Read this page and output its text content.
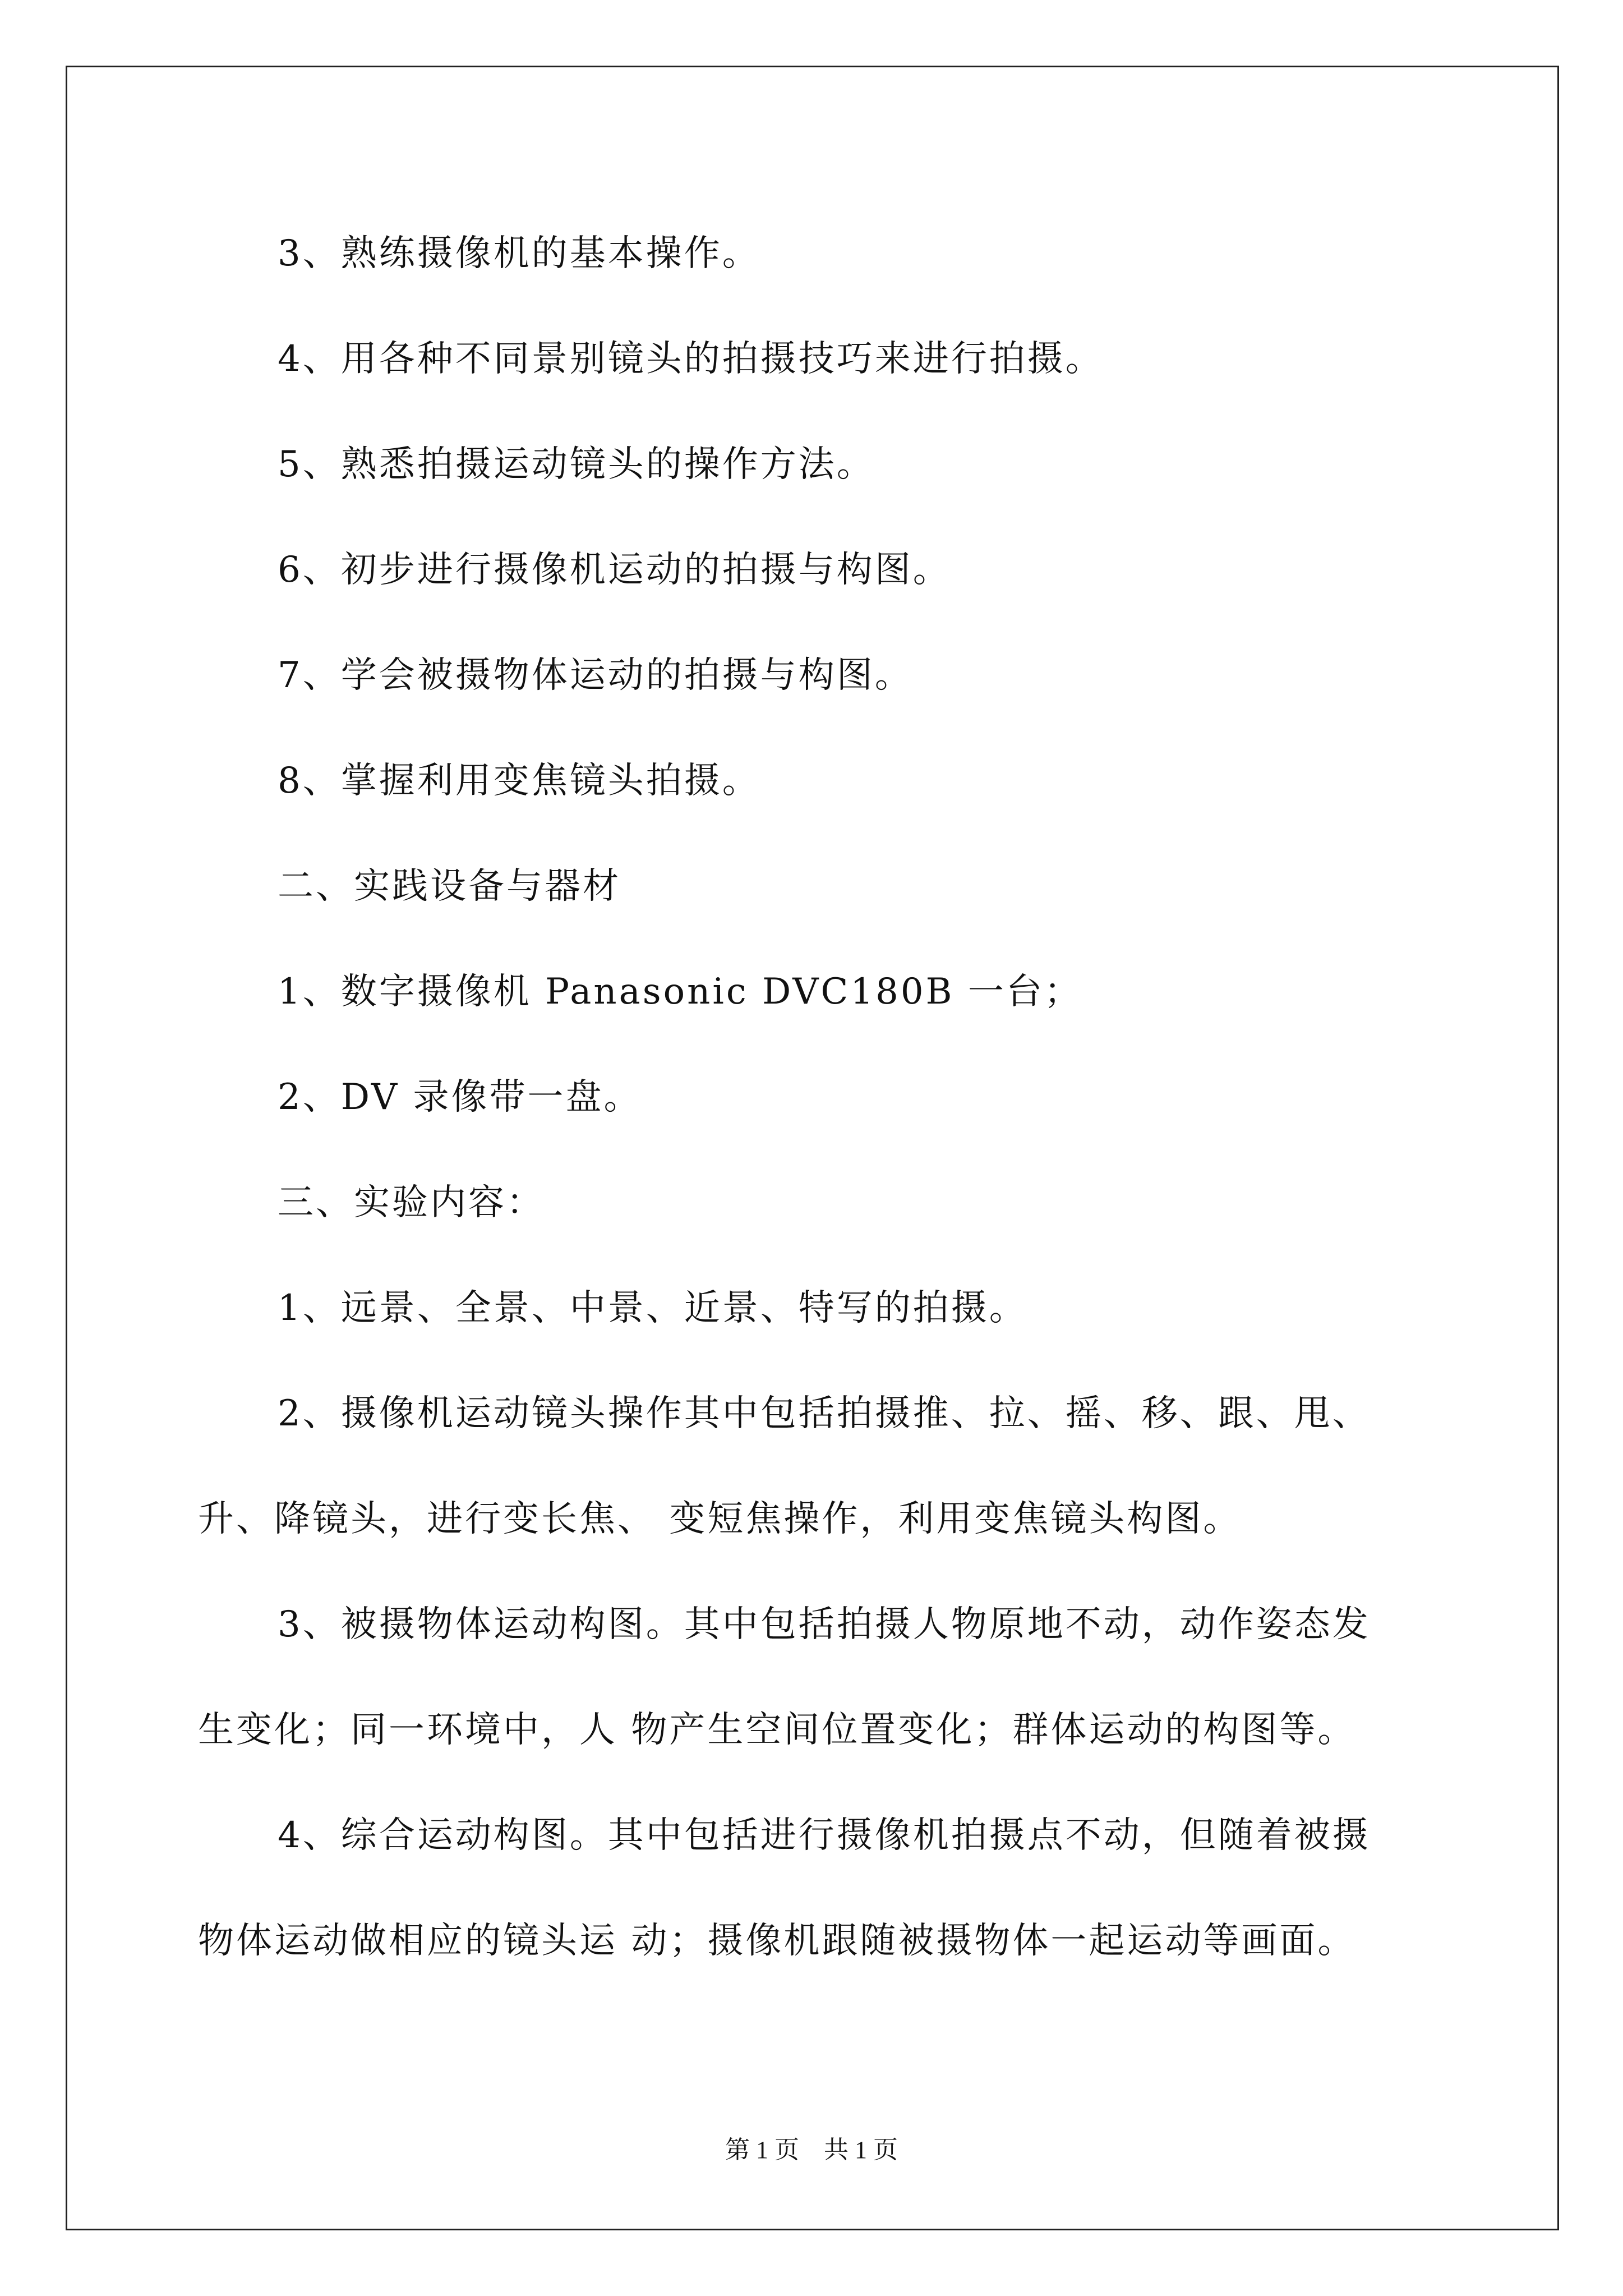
3、熟练摄像机的基本操作。
4、用各种不同景别镜头的拍摄技巧来进行拍摄。
5、熟悉拍摄运动镜头的操作方法。
6、初步进行摄像机运动的拍摄与构图。
7、学会被摄物体运动的拍摄与构图。
8、掌握利用变焦镜头拍摄。
二、实践设备与器材
1、数字摄像机 Panasonic DVC180B 一台；
2、DV 录像带一盘。
三、实验内容：
1、远景、全景、中景、近景、特写的拍摄。
2、摄像机运动镜头操作其中包括拍摄推、拉、摇、移、跟、甩、
升、降镜头，进行变长焦、 变短焦操作，利用变焦镜头构图。
3、被摄物体运动构图。其中包括拍摄人物原地不动，动作姿态发
生变化；同一环境中，人 物产生空间位置变化；群体运动的构图等。
4、综合运动构图。其中包括进行摄像机拍摄点不动，但随着被摄
物体运动做相应的镜头运 动；摄像机跟随被摄物体一起运动等画面。
第 1 页　共 1 页
